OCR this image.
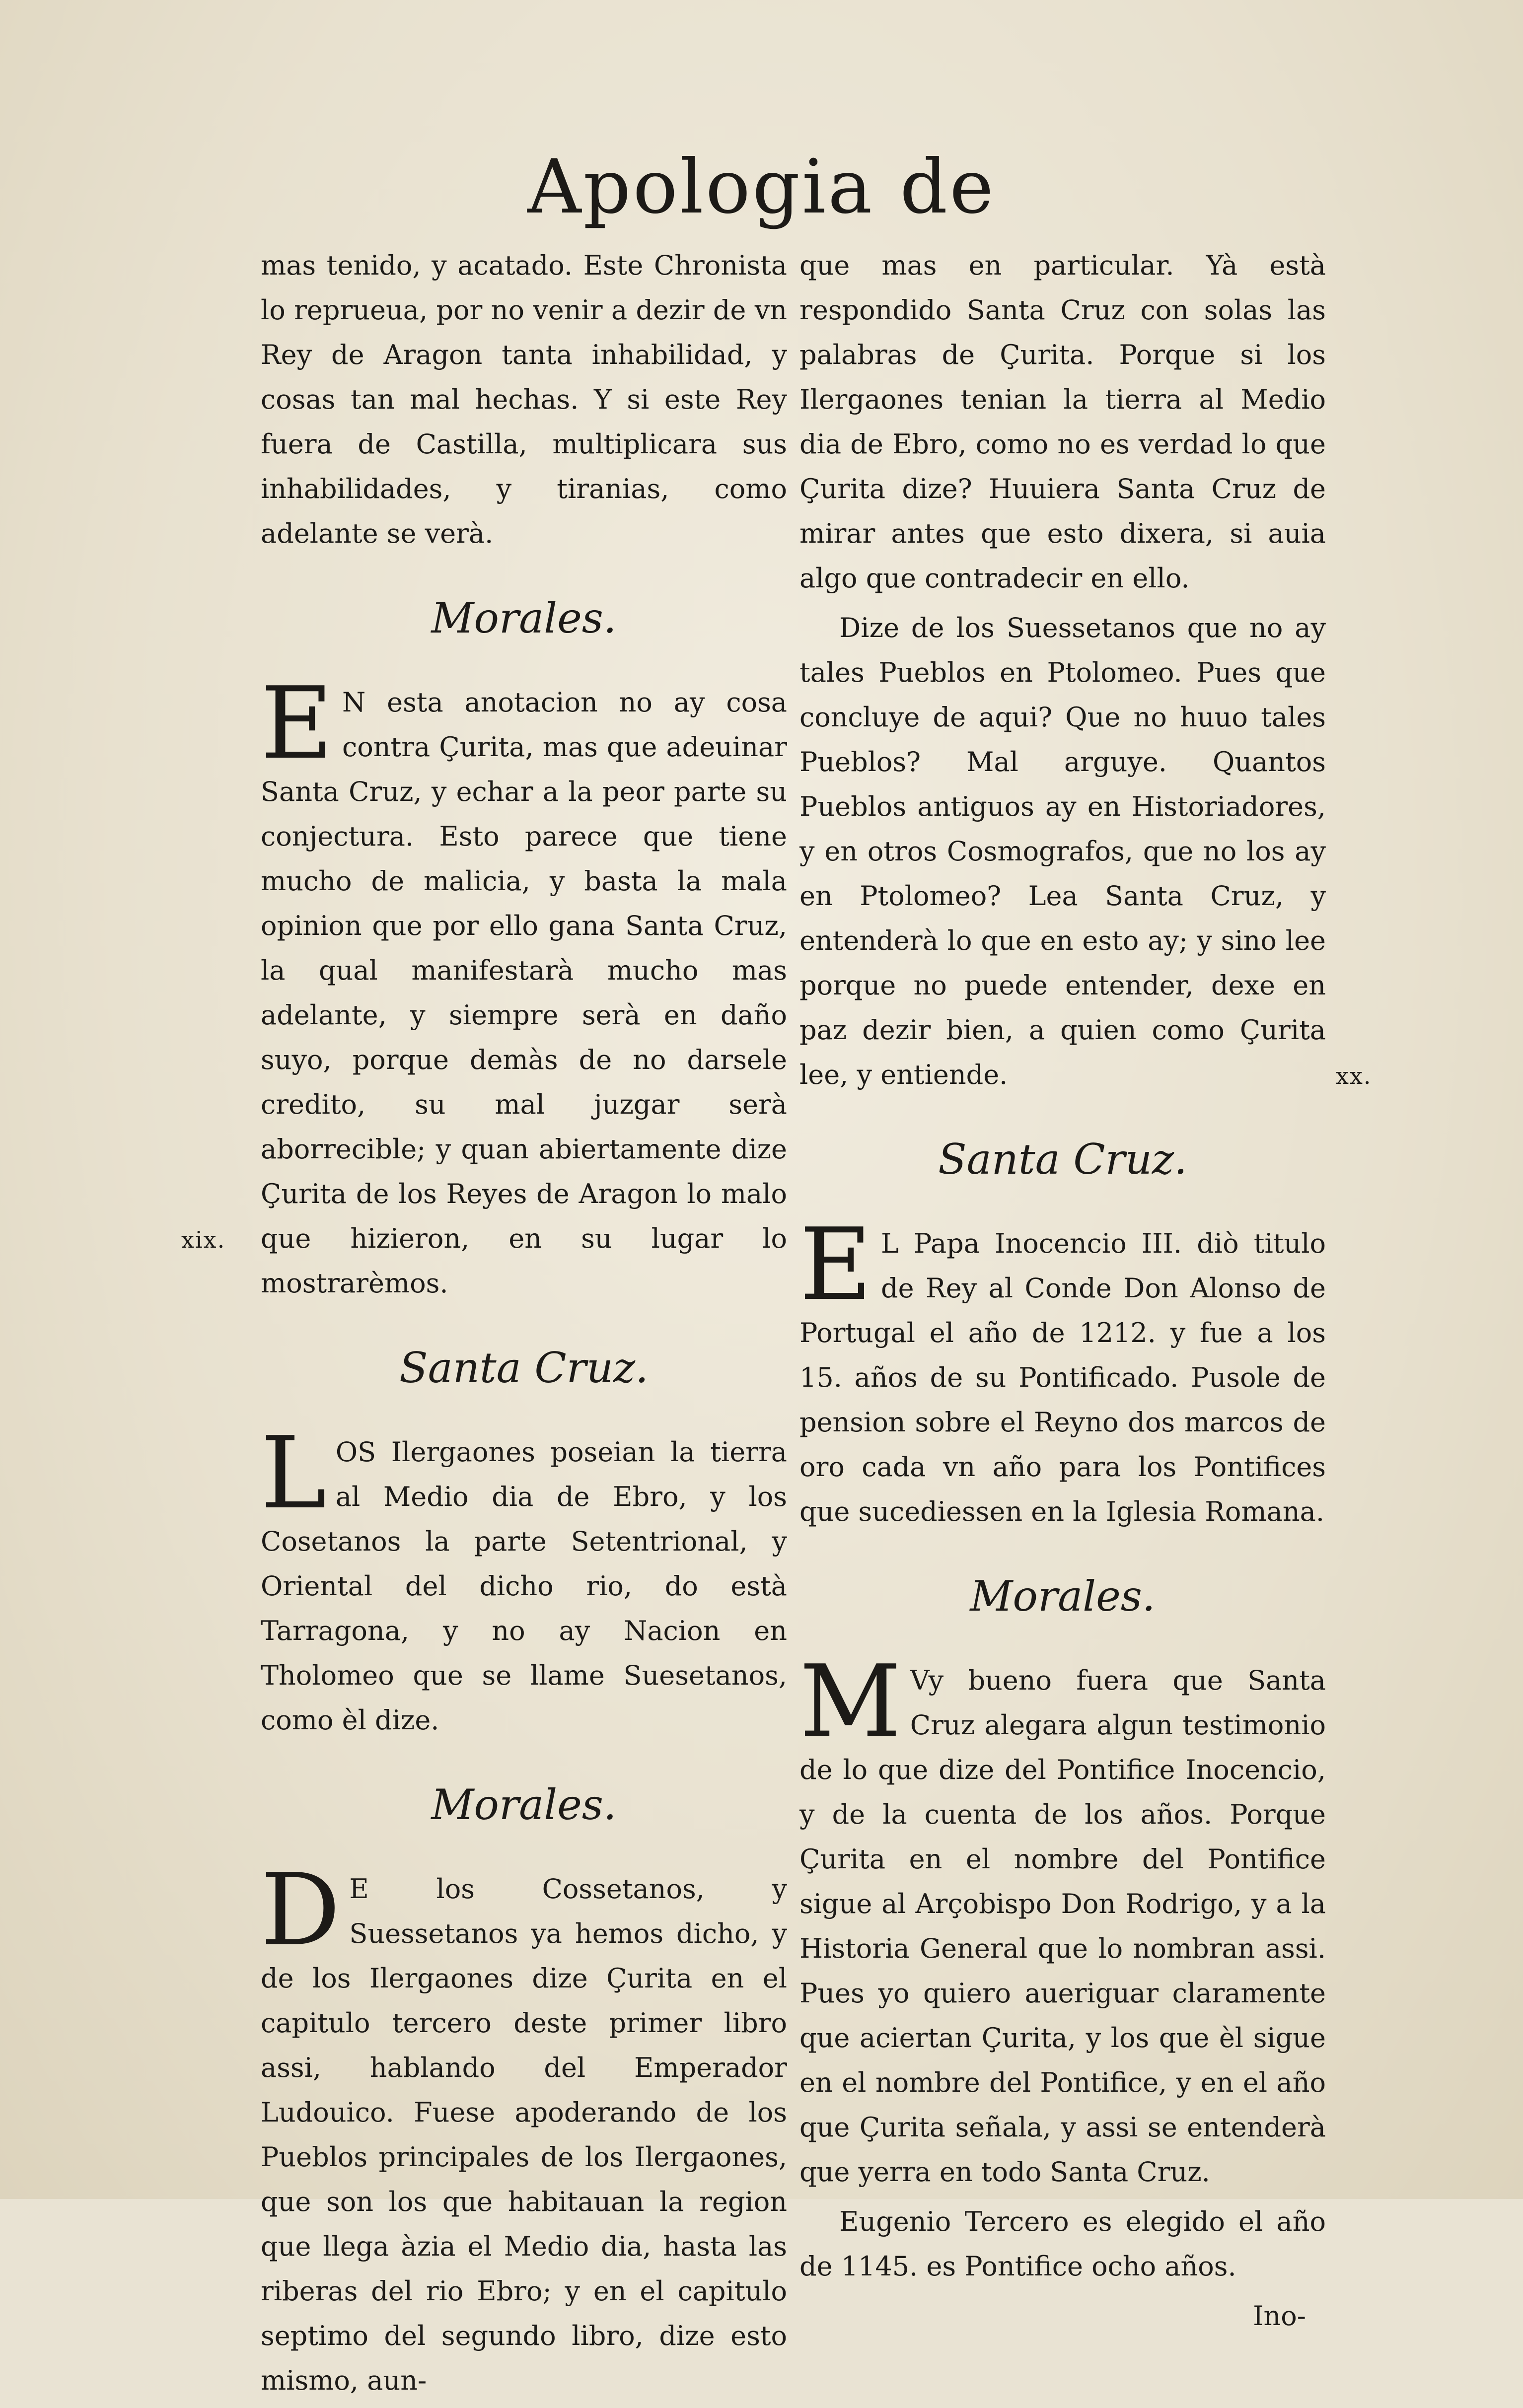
Apologia de
xix.
xx.

mas tenido, y acatado. Este Chronista lo reprueua, por no venir a dezir de vn Rey de Aragon tanta inhabilidad, y cosas tan mal hechas. Y si este Rey fuera de Castilla, multiplicara sus inhabilidades, y tiranias, como adelante se verà.

Morales.

E N esta anotacion no ay cosa contra Çurita, mas que adeuinar Santa Cruz, y echar a la peor parte su conjectura. Esto parece que tiene mucho de malicia, y basta la mala opinion que por ello gana Santa Cruz, la qual manifestarà mucho mas adelante, y siempre serà en daño suyo, porque demàs de no darsele credito, su mal juzgar serà aborrecible; y quan abiertamente dize Çurita de los Reyes de Aragon lo malo que hizieron, en su lugar lo mostrarèmos.

Santa Cruz.

LOS Ilergaones poseian la tierra al Medio dia de Ebro, y los Cosetanos la parte Setentrional, y Oriental del dicho rio, do està Tarragona, y no ay Nacion en Tholomeo que se llame Suesetanos, como èl dize.

Morales.

D E los Cossetanos, y Suessetanos ya hemos dicho, y de los Ilergaones dize Çurita en el capitulo tercero deste primer libro assi, hablando del Emperador Ludouico. Fuese apoderando de los Pueblos principales de los Ilergaones, que son los que habitauan la region que llega àzia el Medio dia, hasta las riberas del rio Ebro; y en el capitulo septimo del segundo libro, dize esto mismo, aun-

que mas en particular. Yà està respondido Santa Cruz con solas las palabras de Çurita. Porque si los Ilergaones tenian la tierra al Medio dia de Ebro, como no es verdad lo que Çurita dize? Huuiera Santa Cruz de mirar antes que esto dixera, si auia algo que contradecir en ello.

Dize de los Suessetanos que no ay tales Pueblos en Ptolomeo. Pues que concluye de aqui? Que no huuo tales Pueblos? Mal arguye. Quantos Pueblos antiguos ay en Historiadores, y en otros Cosmografos, que no los ay en Ptolomeo? Lea Santa Cruz, y entenderà lo que en esto ay; y sino lee porque no puede entender, dexe en paz dezir bien, a quien como Çurita lee, y entiende.

Santa Cruz.

E L Papa Inocencio III. diò titulo de Rey al Conde Don Alonso de Portugal el año de 1212. y fue a los 15. años de su Pontificado. Pusole de pension sobre el Reyno dos marcos de oro cada vn año para los Pontifices que sucediessen en la Iglesia Romana.

Morales.

M Vy bueno fuera que Santa Cruz alegara algun testimonio de lo que dize del Pontifice Inocencio, y de la cuenta de los años. Porque Çurita en el nombre del Pontifice sigue al Arçobispo Don Rodrigo, y a la Historia General que lo nombran assi. Pues yo quiero aueriguar claramente que aciertan Çurita, y los que èl sigue en el nombre del Pontifice, y en el año que Çurita señala, y assi se entenderà que yerra en todo Santa Cruz.

Eugenio Tercero es elegido el año de 1145. es Pontifice ocho años.

Ino-
